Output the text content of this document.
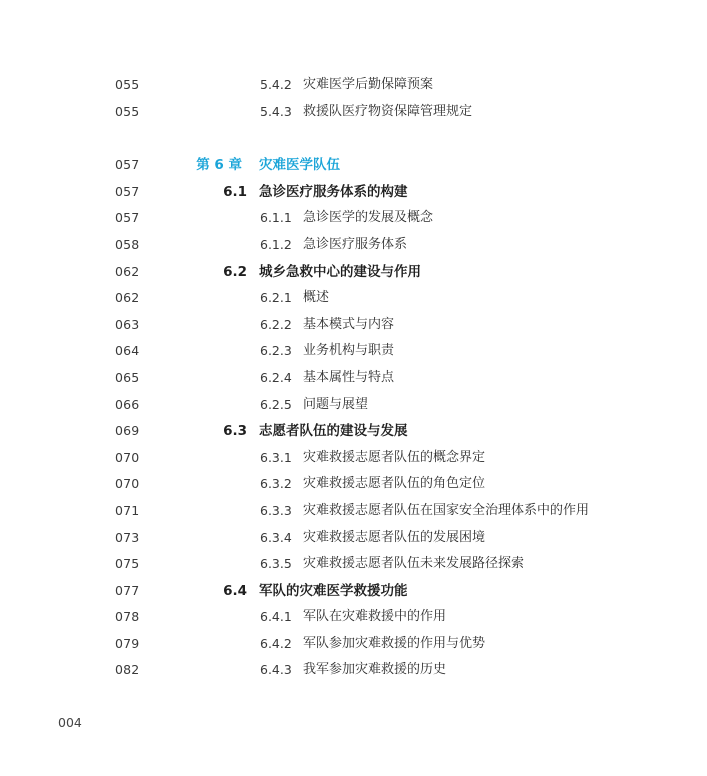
055	5.4.2 灾难医学后勤保障预案
055	5.4.3 救援队医疗物资保障管理规定
057	第 6 章 灾难医学队伍
057	6.1 急诊医疗服务体系的构建
057	6.1.1 急诊医学的发展及概念
058	6.1.2 急诊医疗服务体系
062	6.2 城乡急救中心的建设与作用
062	6.2.1 概述
063	6.2.2 基本模式与内容
064	6.2.3 业务机构与职责
065	6.2.4 基本属性与特点
066	6.2.5 问题与展望
069	6.3 志愿者队伍的建设与发展
070	6.3.1 灾难救援志愿者队伍的概念界定
070	6.3.2 灾难救援志愿者队伍的角色定位
071	6.3.3 灾难救援志愿者队伍在国家安全治理体系中的作用
073	6.3.4 灾难救援志愿者队伍的发展困境
075	6.3.5 灾难救援志愿者队伍未来发展路径探索
077	6.4 军队的灾难医学救援功能
078	6.4.1 军队在灾难救援中的作用
079	6.4.2 军队参加灾难救援的作用与优势
082	6.4.3 我军参加灾难救援的历史
004
